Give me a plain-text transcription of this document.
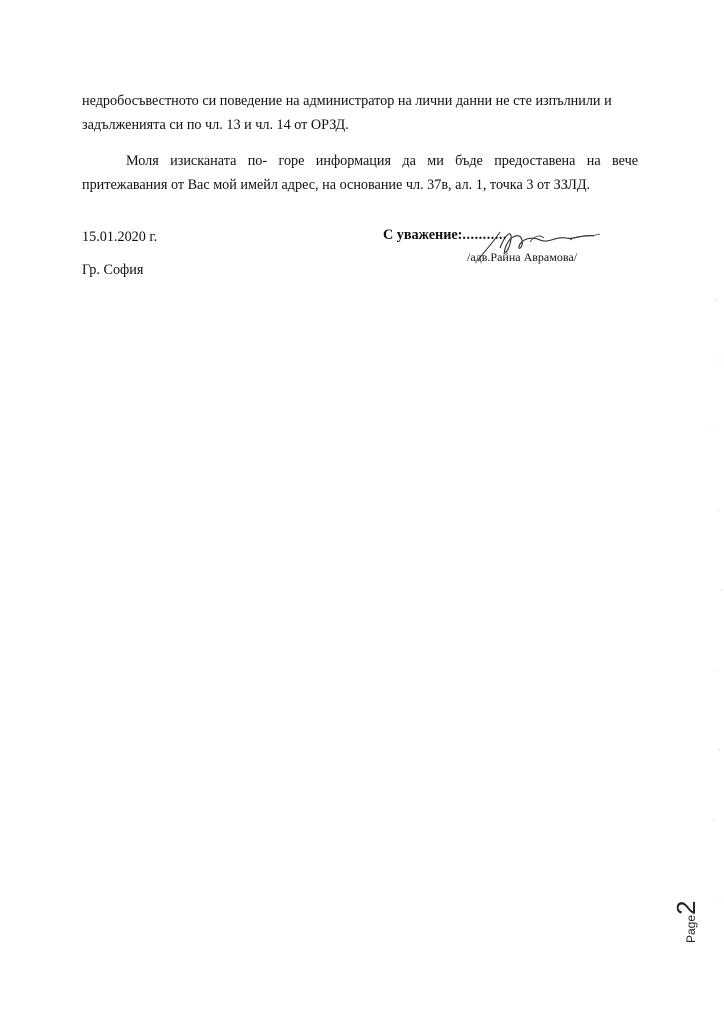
недробосъвестното си поведение на администратор на лични данни не сте изпълнили и
задълженията си по чл. 13 и чл. 14 от ОРЗД.

Моля изисканата по- горе информация да ми бъде предоставена на вече
притежавания от Вас мой имейл адрес, на основание чл. 37в, ал. 1, точка 3 от ЗЗЛД.

15.01.2020 г.
Гр. София
С уважение:...........
/адв.Райна Аврамова/
Page2
